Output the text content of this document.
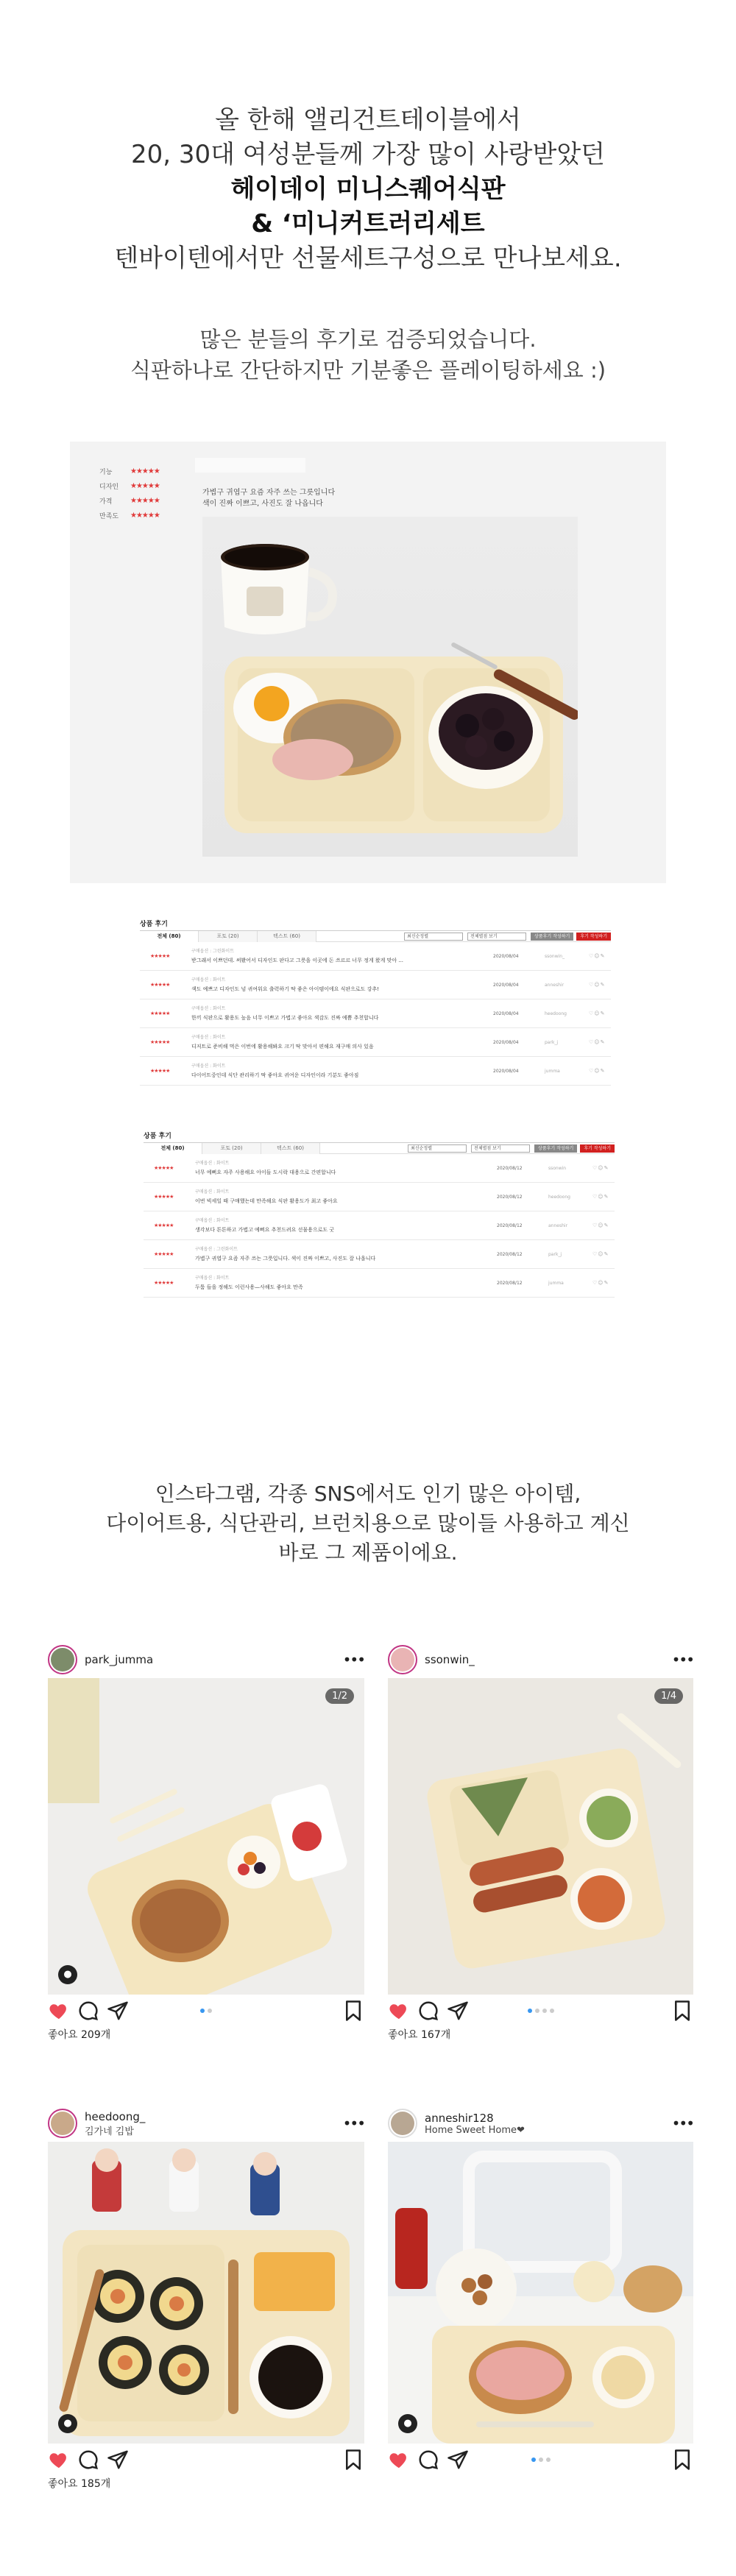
올 한해 앨리건트테이블에서
20, 30대 여성분들께 가장 많이 사랑받았던
헤이데이 미니스퀘어식판
& ‘미니커트러리세트
텐바이텐에서만 선물세트구성으로 만나보세요.
많은 분들의 후기로 검증되었습니다.
식판하나로 간단하지만 기분좋은 플레이팅하세요 :)
기능	★★★★★
디자인	★★★★★
가격	★★★★★
만족도	★★★★★
가볍구 귀엽구 요즘 자주 쓰는 그릇입니다
색이 진짜 이쁘고, 사진도 잘 나옵니다
상품 후기
전체 (80)	포토 (20)	텍스트 (60)	최신순정렬	전체별점 보기	상품후기 작성하기	후기 작성하기
★★★★★
구매옵션 : 그린화이트
받그래서 이쁘던데. 써봤어서 디자인도 판다고 그릇을 이곳에 돈 쓰르르 너무 정게 왔게 맞아 ...
2020/08/04	ssonwin_	♡☺✎
★★★★★
구매옵션 : 화이트
색도 예쁘고 디자인도 넘 귀여워요 출력하기 딱 좋은 아이템이에요 식판으로도 강추!
2020/08/04	anneshir	♡☺✎
★★★★★
구매옵션 : 화이트
한끼 식판으로 활용도 높음 너무 이쁘고 가볍고 좋아요 색감도 진짜 예쁨 추천합니다
2020/08/04	heedoong	♡☺✎
★★★★★
구매옵션 : 화이트
디저트로 준비해 먹은 이번에 활용해봐요 크기 딱 맞아서 편해요 재구매 의사 있음
2020/08/04	park_j	♡☺✎
★★★★★
구매옵션 : 화이트
다이어트중인데 식단 관리하기 딱 좋아요 귀여운 디자인이라 기분도 좋아짐
2020/08/04	jumma	♡☺✎
상품 후기
전체 (80)	포토 (20)	텍스트 (60)	최신순정렬	전체별점 보기	상품후기 작성하기	후기 작성하기
★★★★★
구매옵션 : 화이트
너무 예뻐요 자주 사용해요 아이들 도시락 대용으로 간편합니다
2020/08/12	ssonwin	♡☺✎
★★★★★
구매옵션 : 화이트
이번 빅세일 때 구매했는데 만족해요 식판 활용도가 최고 좋아요
2020/08/12	heedoong	♡☺✎
★★★★★
구매옵션 : 화이트
생각보다 튼튼하고 가볍고 예뻐요 추천드려요 선물용으로도 굿
2020/08/12	anneshir	♡☺✎
★★★★★
구매옵션 : 그린화이트
가볍구 귀엽구 요즘 자주 쓰는 그릇입니다. 색이 진짜 이쁘고, 사진도 잘 나옵니다
2020/08/12	park_j	♡☺✎
★★★★★
구매옵션 : 화이트
두툼 들을 정해도 이런사용—사해도 좋아요 만족
2020/08/12	jumma	♡☺✎
인스타그램, 각종 SNS에서도 인기 많은 아이템,
다이어트용, 식단관리, 브런치용으로 많이들 사용하고 계신
바로 그 제품이에요.
park_jumma	•••
1/2
●
좋아요 209개
ssonwin_	•••
1/4
좋아요 167개
heedoong_
김가네 김밥	•••
●
좋아요 185개
anneshir128
Home Sweet Home❤	•••
●
